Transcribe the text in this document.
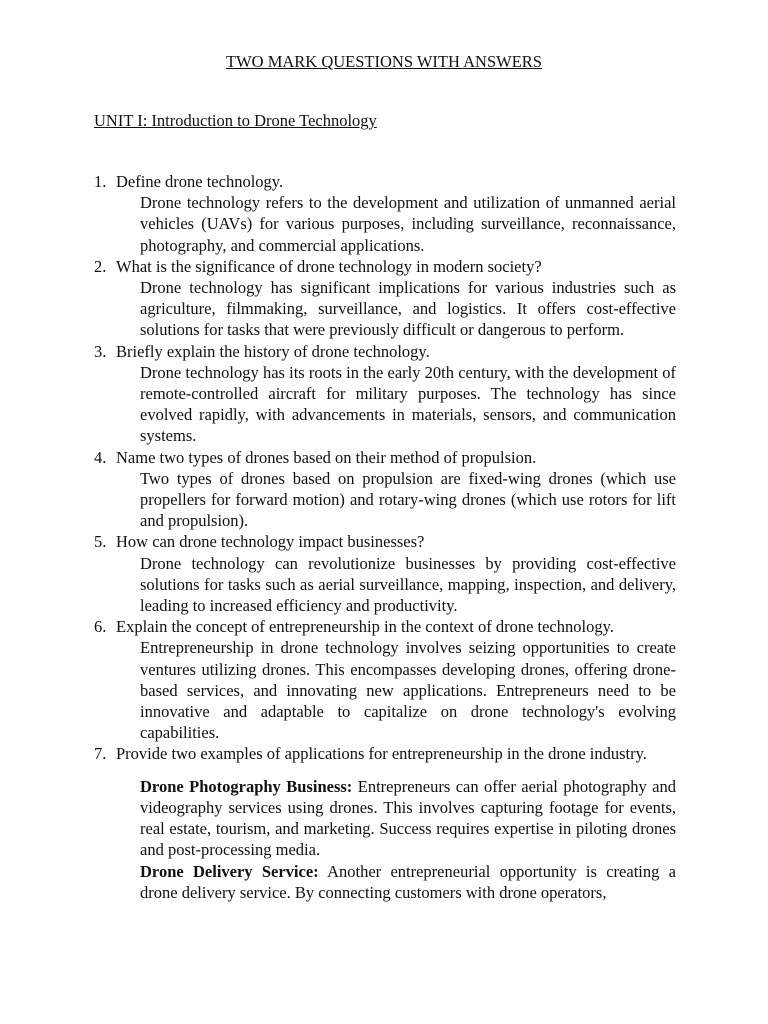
TWO MARK QUESTIONS WITH ANSWERS
UNIT I: Introduction to Drone Technology
1. Define drone technology.
Drone technology refers to the development and utilization of unmanned aerial vehicles (UAVs) for various purposes, including surveillance, reconnaissance, photography, and commercial applications.
2. What is the significance of drone technology in modern society?
Drone technology has significant implications for various industries such as agriculture, filmmaking, surveillance, and logistics. It offers cost-effective solutions for tasks that were previously difficult or dangerous to perform.
3. Briefly explain the history of drone technology.
Drone technology has its roots in the early 20th century, with the development of remote-controlled aircraft for military purposes. The technology has since evolved rapidly, with advancements in materials, sensors, and communication systems.
4. Name two types of drones based on their method of propulsion.
Two types of drones based on propulsion are fixed-wing drones (which use propellers for forward motion) and rotary-wing drones (which use rotors for lift and propulsion).
5. How can drone technology impact businesses?
Drone technology can revolutionize businesses by providing cost-effective solutions for tasks such as aerial surveillance, mapping, inspection, and delivery, leading to increased efficiency and productivity.
6. Explain the concept of entrepreneurship in the context of drone technology.
Entrepreneurship in drone technology involves seizing opportunities to create ventures utilizing drones. This encompasses developing drones, offering drone-based services, and innovating new applications. Entrepreneurs need to be innovative and adaptable to capitalize on drone technology's evolving capabilities.
7. Provide two examples of applications for entrepreneurship in the drone industry.
Drone Photography Business: Entrepreneurs can offer aerial photography and videography services using drones. This involves capturing footage for events, real estate, tourism, and marketing. Success requires expertise in piloting drones and post-processing media.
Drone Delivery Service: Another entrepreneurial opportunity is creating a drone delivery service. By connecting customers with drone operators,
